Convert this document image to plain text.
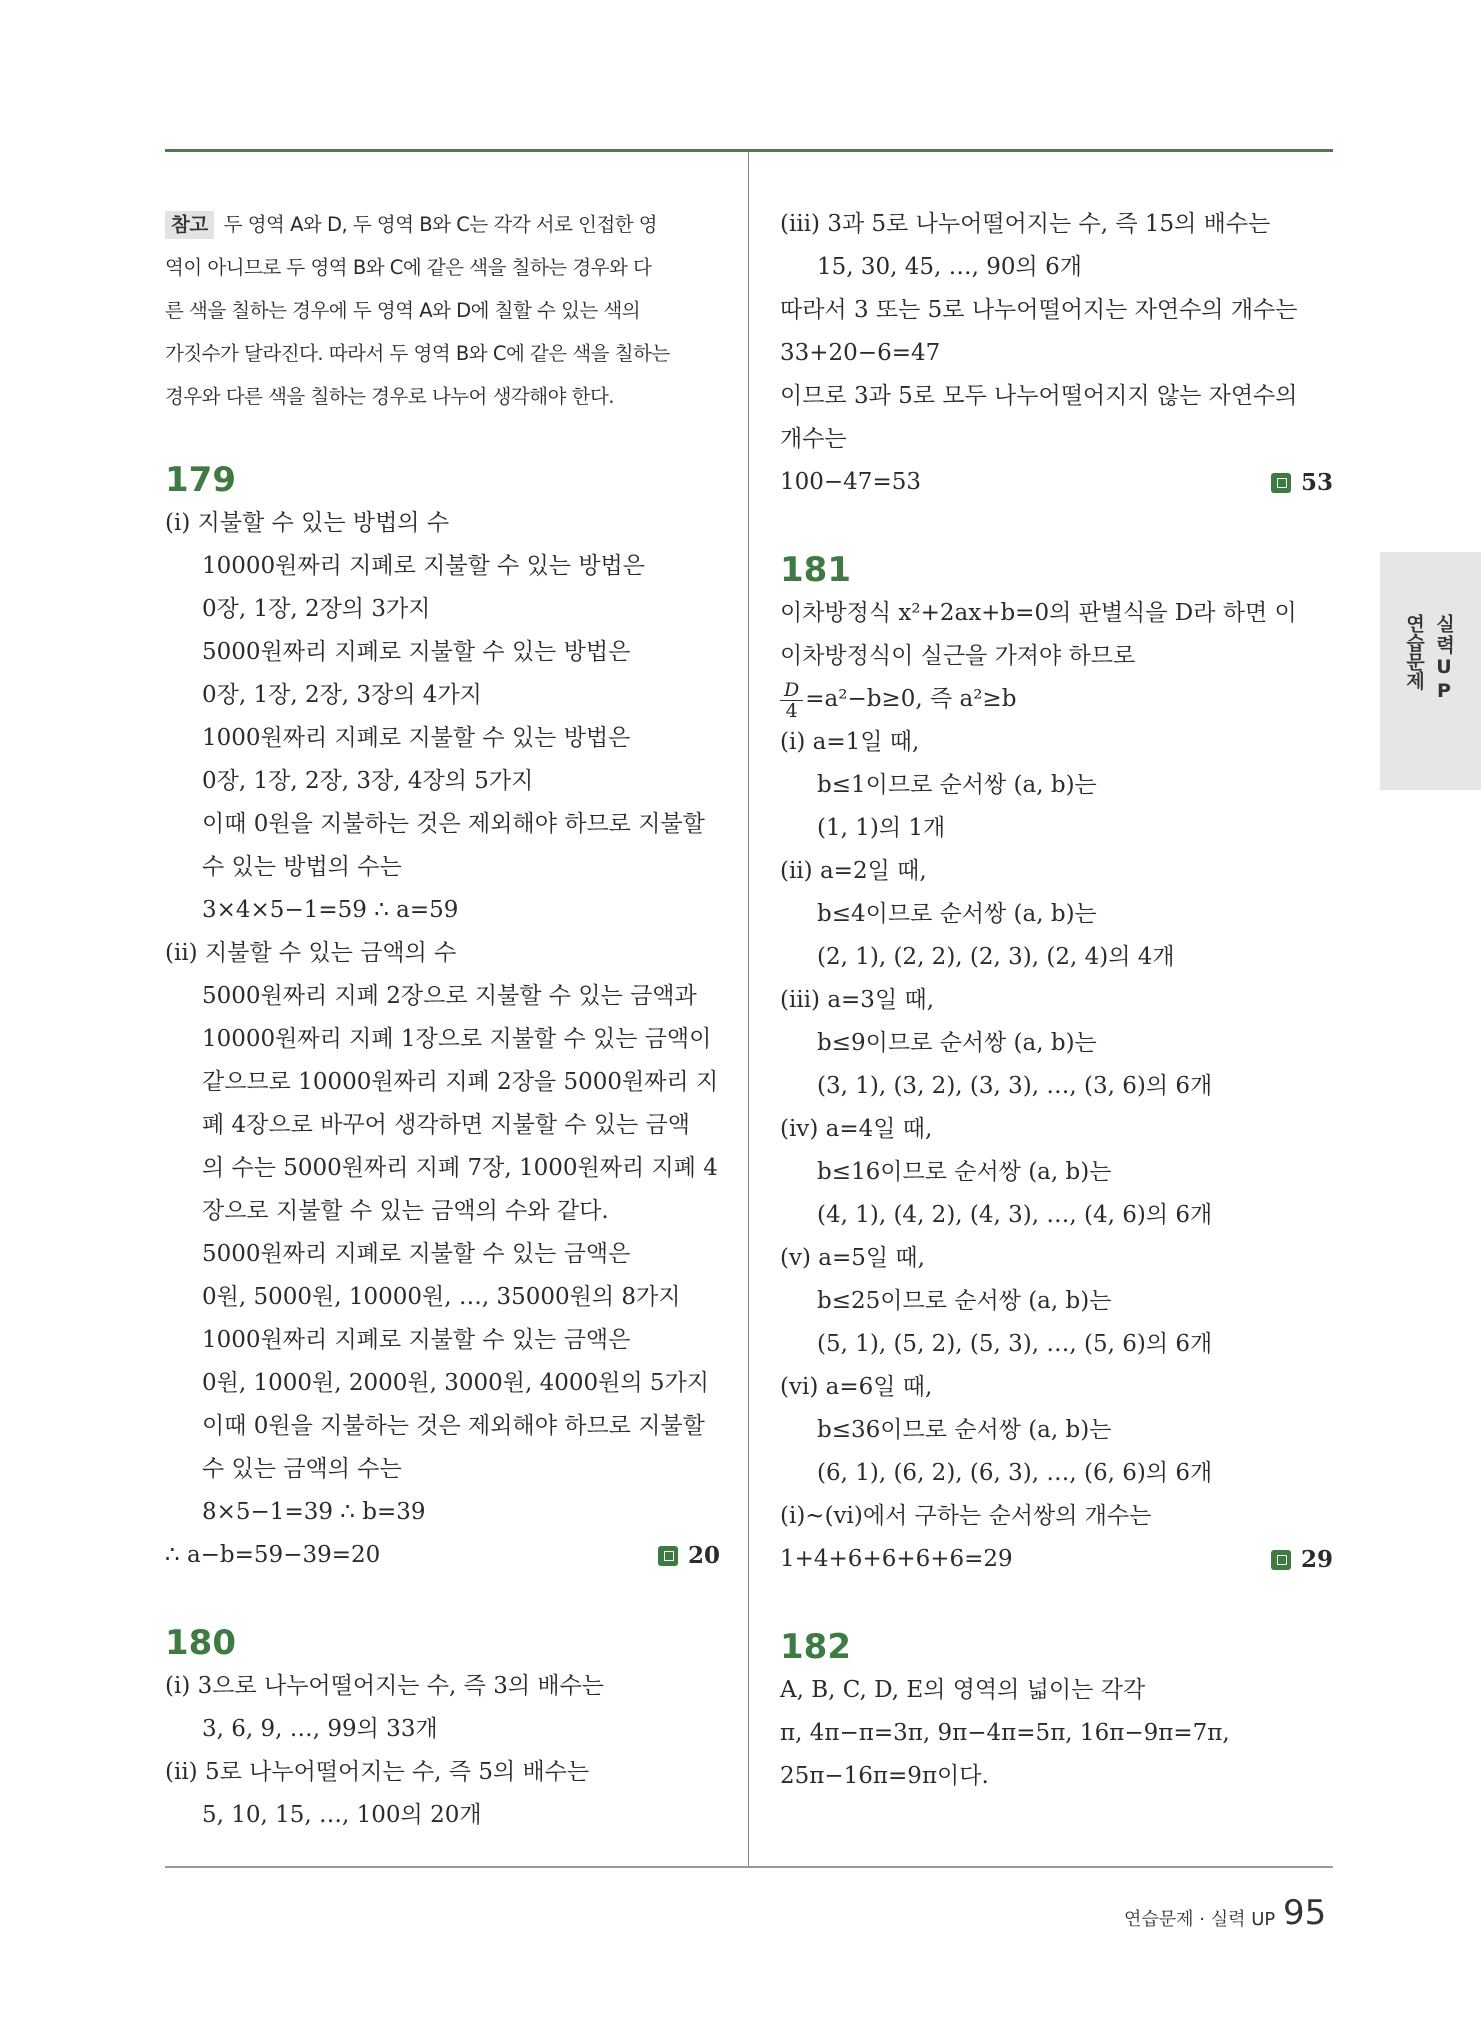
참고 두 영역 A와 D, 두 영역 B와 C는 각각 서로 인접한 영
역이 아니므로 두 영역 B와 C에 같은 색을 칠하는 경우와 다
른 색을 칠하는 경우에 두 영역 A와 D에 칠할 수 있는 색의
가짓수가 달라진다. 따라서 두 영역 B와 C에 같은 색을 칠하는
경우와 다른 색을 칠하는 경우로 나누어 생각해야 한다.
179
(ⅰ) 지불할 수 있는 방법의 수
10000원짜리 지폐로 지불할 수 있는 방법은
0장, 1장, 2장의 3가지
5000원짜리 지폐로 지불할 수 있는 방법은
0장, 1장, 2장, 3장의 4가지
1000원짜리 지폐로 지불할 수 있는 방법은
0장, 1장, 2장, 3장, 4장의 5가지
이때 0원을 지불하는 것은 제외해야 하므로 지불할
수 있는 방법의 수는
3×4×5−1=59 ∴ a=59
(ⅱ) 지불할 수 있는 금액의 수
5000원짜리 지폐 2장으로 지불할 수 있는 금액과
10000원짜리 지폐 1장으로 지불할 수 있는 금액이
같으므로 10000원짜리 지폐 2장을 5000원짜리 지
폐 4장으로 바꾸어 생각하면 지불할 수 있는 금액
의 수는 5000원짜리 지폐 7장, 1000원짜리 지폐 4
장으로 지불할 수 있는 금액의 수와 같다.
5000원짜리 지폐로 지불할 수 있는 금액은
0원, 5000원, 10000원, …, 35000원의 8가지
1000원짜리 지폐로 지불할 수 있는 금액은
0원, 1000원, 2000원, 3000원, 4000원의 5가지
이때 0원을 지불하는 것은 제외해야 하므로 지불할
수 있는 금액의 수는
8×5−1=39 ∴ b=39
∴ a−b=59−39=20	20
180
(ⅰ) 3으로 나누어떨어지는 수, 즉 3의 배수는
3, 6, 9, …, 99의 33개
(ⅱ) 5로 나누어떨어지는 수, 즉 5의 배수는
5, 10, 15, …, 100의 20개
(ⅲ) 3과 5로 나누어떨어지는 수, 즉 15의 배수는
15, 30, 45, …, 90의 6개
따라서 3 또는 5로 나누어떨어지는 자연수의 개수는
33+20−6=47
이므로 3과 5로 모두 나누어떨어지지 않는 자연수의
개수는
100−47=53	53
181
이차방정식 x²+2ax+b=0의 판별식을 D라 하면 이
이차방정식이 실근을 가져야 하므로
$\frac{D}{4} =a^2-b\ge 0$, 즉 a²≥b
(ⅰ) a=1일 때,
b≤1이므로 순서쌍 (a, b)는
(1, 1)의 1개
(ⅱ) a=2일 때,
b≤4이므로 순서쌍 (a, b)는
(2, 1), (2, 2), (2, 3), (2, 4)의 4개
(ⅲ) a=3일 때,
b≤9이므로 순서쌍 (a, b)는
(3, 1), (3, 2), (3, 3), …, (3, 6)의 6개
(ⅳ) a=4일 때,
b≤16이므로 순서쌍 (a, b)는
(4, 1), (4, 2), (4, 3), …, (4, 6)의 6개
(ⅴ) a=5일 때,
b≤25이므로 순서쌍 (a, b)는
(5, 1), (5, 2), (5, 3), …, (5, 6)의 6개
(ⅵ) a=6일 때,
b≤36이므로 순서쌍 (a, b)는
(6, 1), (6, 2), (6, 3), …, (6, 6)의 6개
(ⅰ)~(ⅵ)에서 구하는 순서쌍의 개수는
1+4+6+6+6+6=29	29
182
A, B, C, D, E의 영역의 넓이는 각각
π, 4π−π=3π, 9π−4π=5π, 16π−9π=7π,
25π−16π=9π이다.
실력UP
연습문제
연습문제 · 실력 UP 95
